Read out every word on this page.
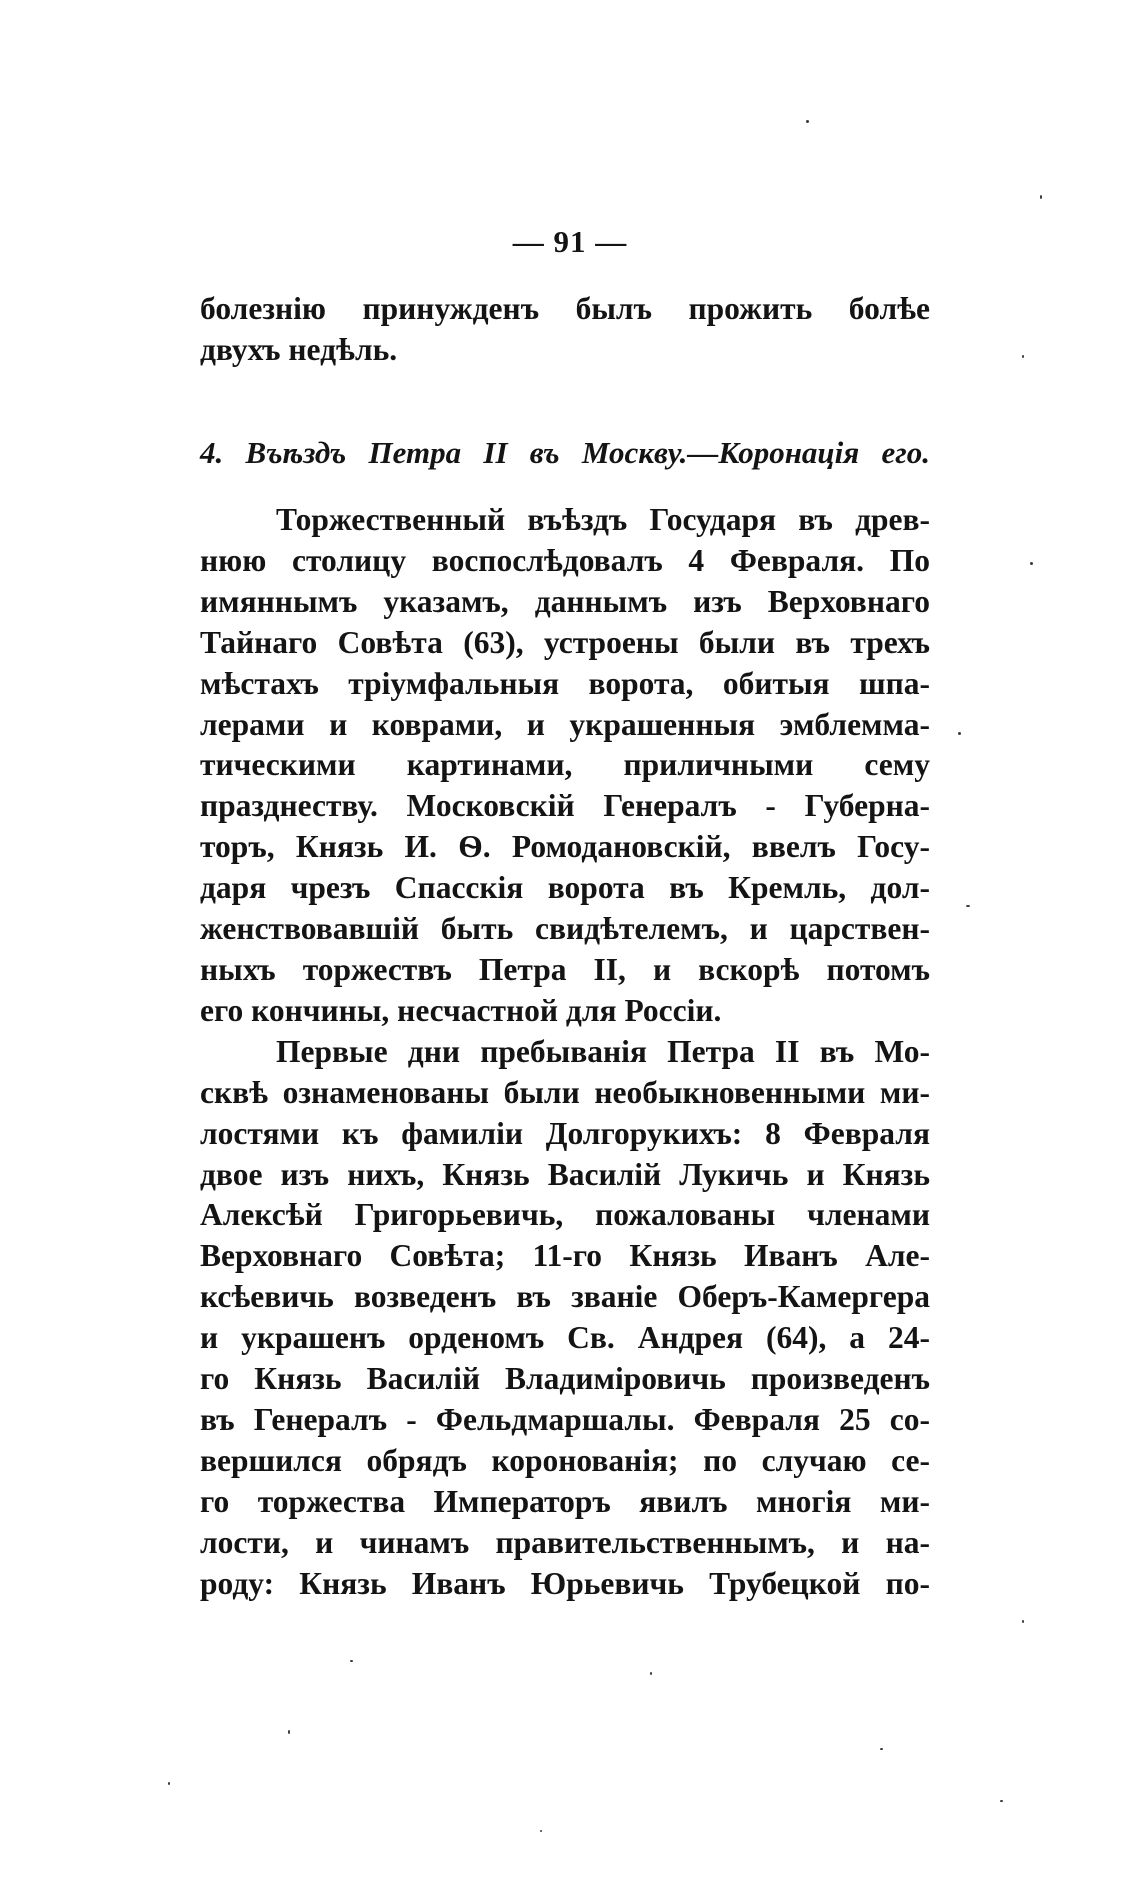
— 91 —
болезнію принужденъ былъ прожить болѣе
двухъ недѣль.
4. Въѣздъ Петра II въ Москву.—Коронація его.
Торжественный въѣздъ Государя въ древ-
нюю столицу воспослѣдовалъ 4 Февраля. По
имяннымъ указамъ, даннымъ изъ Верховнаго
Тайнаго Совѣта (63), устроены были въ трехъ
мѣстахъ тріумфальныя ворота, обитыя шпа-
лерами и коврами, и украшенныя эмблемма-
тическими картинами, приличными сему
празднеству. Московскій Генералъ - Губерна-
торъ, Князь И. Ѳ. Ромодановскій, ввелъ Госу-
даря чрезъ Спасскія ворота въ Кремль, дол-
женствовавшій быть свидѣтелемъ, и царствен-
ныхъ торжествъ Петра II, и вскорѣ потомъ
его кончины, несчастной для Россіи.
Первые дни пребыванія Петра II въ Мо-
сквѣ ознаменованы были необыкновенными ми-
лостями къ фамиліи Долгорукихъ: 8 Февраля
двое изъ нихъ, Князь Василій Лукичь и Князь
Алексѣй Григорьевичь, пожалованы членами
Верховнаго Совѣта; 11-го Князь Иванъ Але-
ксѣевичь возведенъ въ званіе Оберъ-Камергера
и украшенъ орденомъ Св. Андрея (64), а 24-
го Князь Василій Владиміровичь произведенъ
въ Генералъ - Фельдмаршалы. Февраля 25 со-
вершился обрядъ коронованія; по случаю се-
го торжества Императоръ явилъ многія ми-
лости, и чинамъ правительственнымъ, и на-
роду: Князь Иванъ Юрьевичь Трубецкой по-
